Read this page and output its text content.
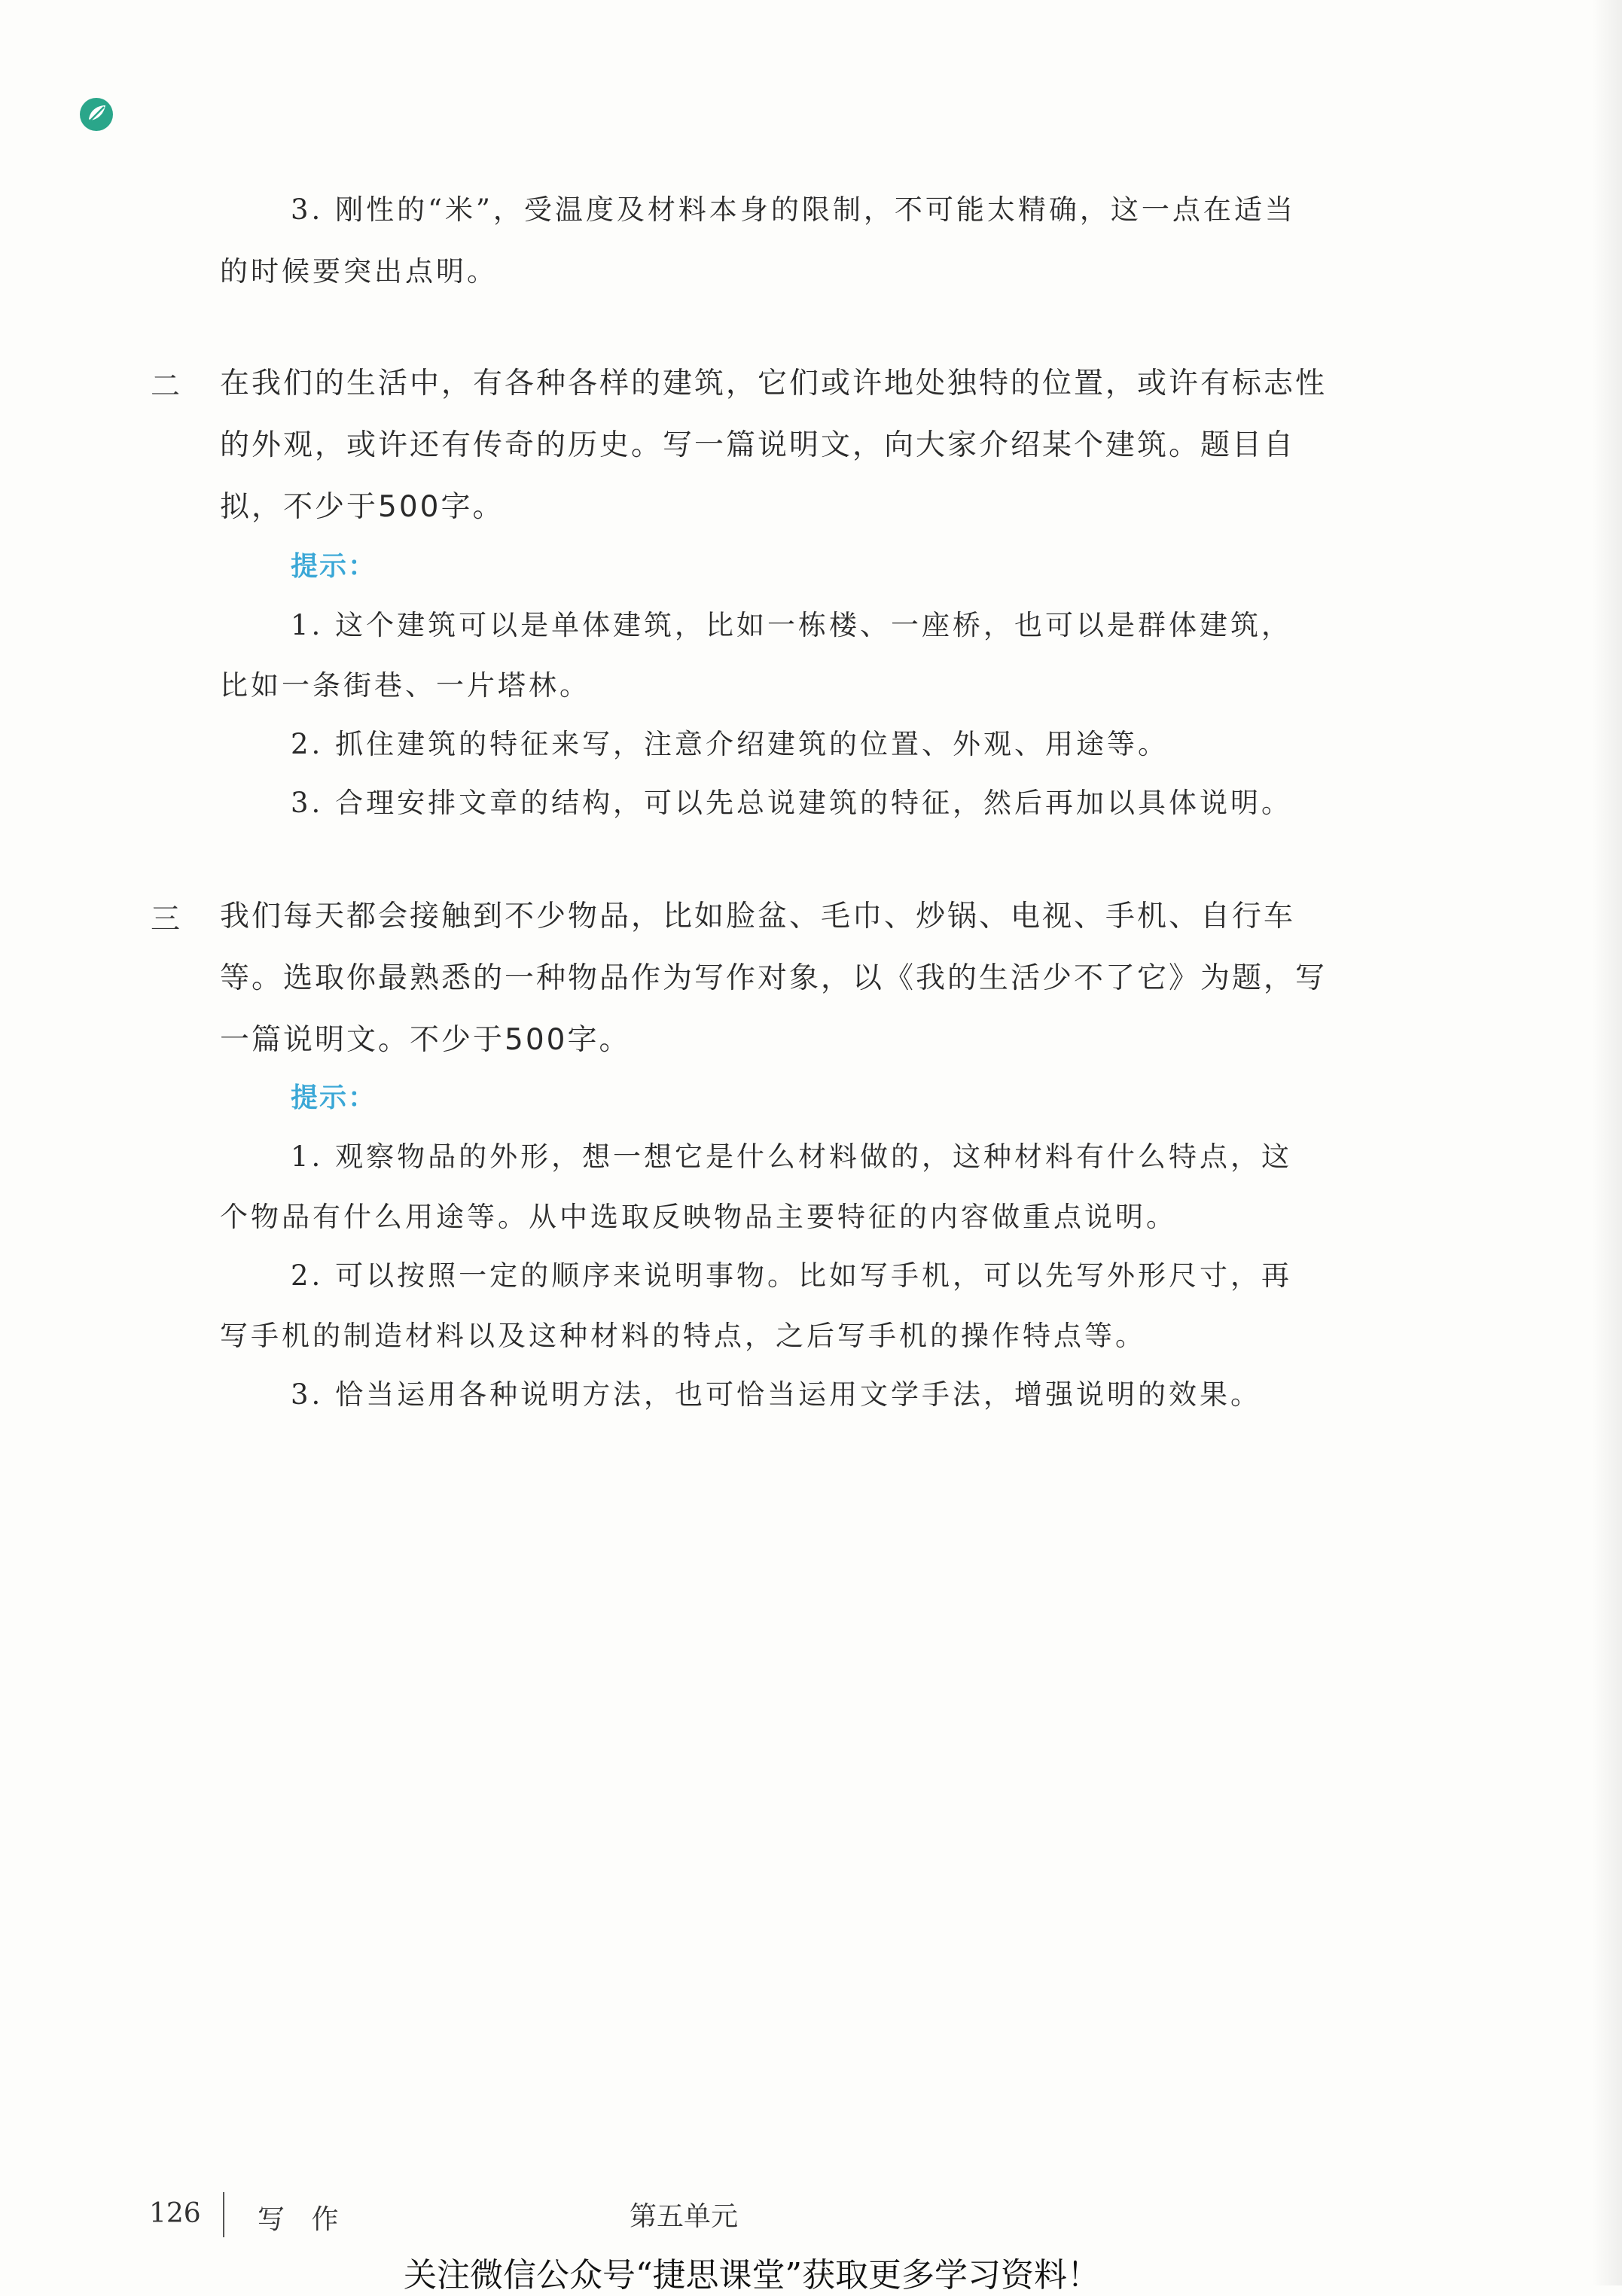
3. 刚性的“米”，受温度及材料本身的限制，不可能太精确，这一点在适当
的时候要突出点明。
二 在我们的生活中，有各种各样的建筑，它们或许地处独特的位置，或许有标志性
的外观，或许还有传奇的历史。写一篇说明文，向大家介绍某个建筑。题目自
拟，不少于500字。
提示：
1. 这个建筑可以是单体建筑，比如一栋楼、一座桥，也可以是群体建筑，
比如一条街巷、一片塔林。
2. 抓住建筑的特征来写，注意介绍建筑的位置、外观、用途等。
3. 合理安排文章的结构，可以先总说建筑的特征，然后再加以具体说明。
三 我们每天都会接触到不少物品，比如脸盆、毛巾、炒锅、电视、手机、自行车
等。选取你最熟悉的一种物品作为写作对象，以《我的生活少不了它》为题，写
一篇说明文。不少于500字。
提示：
1. 观察物品的外形，想一想它是什么材料做的，这种材料有什么特点，这
个物品有什么用途等。从中选取反映物品主要特征的内容做重点说明。
2. 可以按照一定的顺序来说明事物。比如写手机，可以先写外形尺寸，再
写手机的制造材料以及这种材料的特点，之后写手机的操作特点等。
3. 恰当运用各种说明方法，也可恰当运用文学手法，增强说明的效果。
126 写 作	第五单元
关注微信公众号“捷思课堂”获取更多学习资料！
